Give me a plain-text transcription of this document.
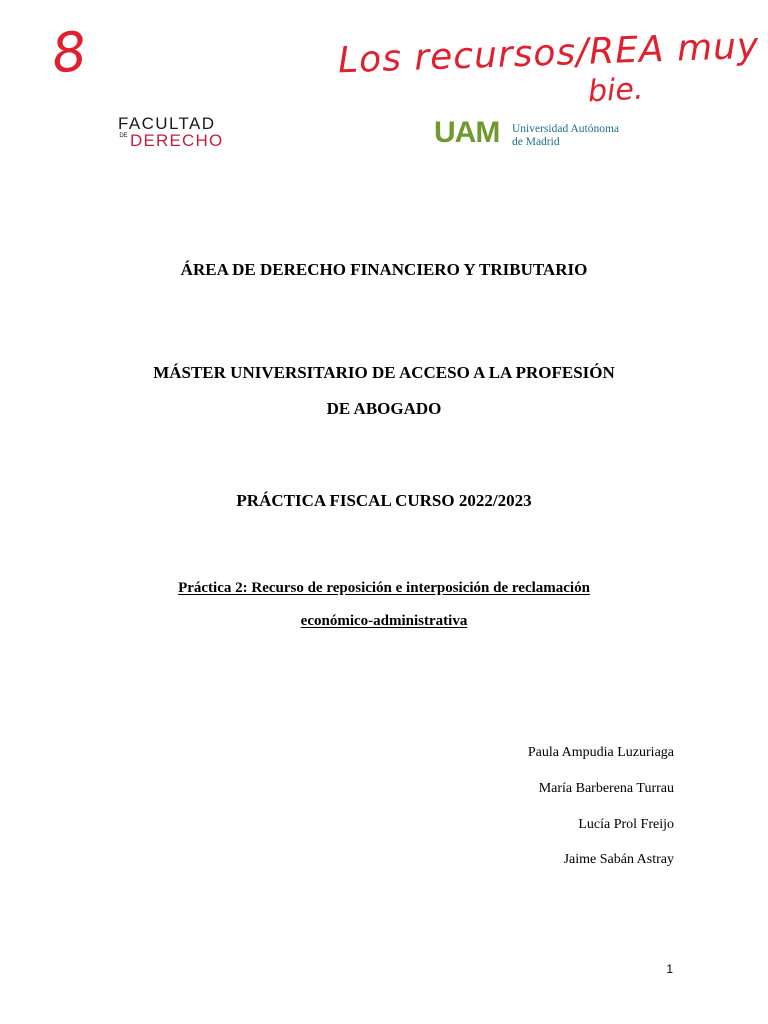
8	Los recursos/REA muy
bie.
FACULTAD
DE DERECHO	UAM Universidad Autónoma
de Madrid
ÁREA DE DERECHO FINANCIERO Y TRIBUTARIO
MÁSTER UNIVERSITARIO DE ACCESO A LA PROFESIÓN
DE ABOGADO
PRÁCTICA FISCAL CURSO 2022/2023
Práctica 2: Recurso de reposición e interposición de reclamación
económico-administrativa
Paula Ampudia Luzuriaga
María Barberena Turrau
Lucía Prol Freijo
Jaime Sabán Astray
1
